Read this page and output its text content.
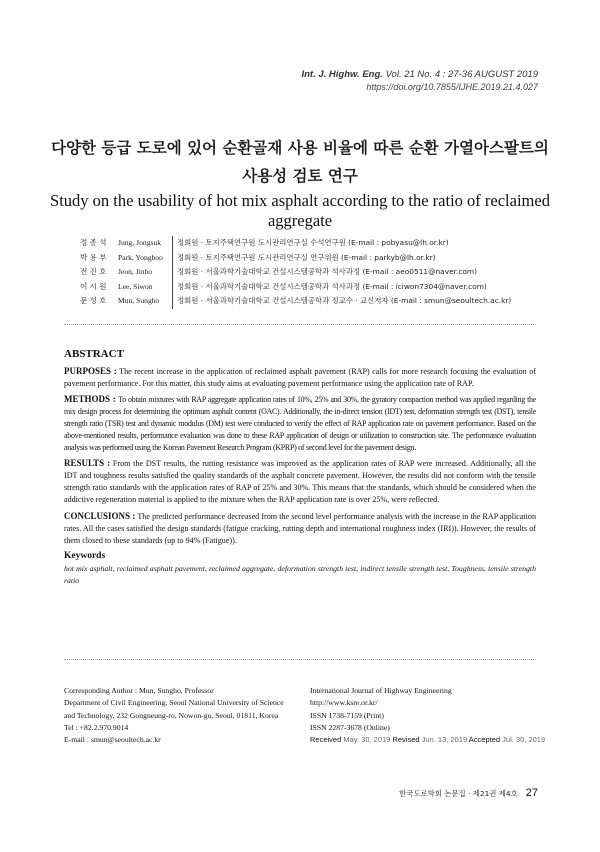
Int. J. Highw. Eng. Vol. 21 No. 4 : 27-36 AUGUST 2019
https://doi.org/10.7855/IJHE.2019.21.4.027
다양한 등급 도로에 있어 순환골재 사용 비율에 따른 순환 가열아스팔트의
사용성 검토 연구
Study on the usability of hot mix asphalt according to the ratio of reclaimed aggregate
정종석	Jung, Jongsuk	정회원 · 토지주택연구원 도시관리연구실 수석연구원 (E-mail : pobyasu@lh.or.kr)
박용부	Park, Yongboo	정회원 · 토지주택연구원 도시관리연구실 연구위원 (E-mail : parkyb@lh.or.kr)
전진호	Jeon, Jinho	정회원 · 서울과학기술대학교 건설시스템공학과 석사과정 (E-mail : aeo0511@naver.com)
이시원	Lee, Siwon	정회원 · 서울과학기술대학교 건설시스템공학과 석사과정 (E-mail : iciwon7304@naver.com)
문성호	Mun, Sungho	정회원 · 서울과학기술대학교 건설시스템공학과 정교수 · 교신저자 (E-mail : smun@seoultech.ac.kr)
ABSTRACT

PURPOSES : The recent increase in the application of reclaimed asphalt pavement (RAP) calls for more research focusing the evaluation of pavement performance. For this matter, this study aims at evaluating pavement performance using the application rate of RAP.

METHODS : To obtain mixtures with RAP aggregate application rates of 10%, 25% and 30%, the gyratory compaction method was applied regarding the mix design process for determining the optimum asphalt content (OAC). Additionally, the in-direct tension (IDT) test, deformation strength test (DST), tensile strength ratio (TSR) test and dynamic modulus (DM) test were conducted to verify the effect of RAP application rate on pavement performance. Based on the above-mentioned results, performance evaluation was done to these RAP application of design or utilization to construction site. The performance evaluation analysis was performed using the Korean Pavement Research Program (KPRP) of second level for the pavement design.

RESULTS : From the DST results, the rutting resistance was improved as the application rates of RAP were increased. Additionally, all the IDT and toughness results satisfied the quality standards of the asphalt concrete pavement. However, the results did not conform with the tensile strength ratio standards with the application rates of RAP of 25% and 30%. This means that the standards, which should be considered when the addictive regeneration material is applied to the mixture when the RAP application rate is over 25%, were reflected.

CONCLUSIONS : The predicted performance decreased from the second level performance analysis with the increase in the RAP application rates. All the cases satisfied the design standards (fatigue cracking, rutting depth and international roughness index (IRI)). However, the results of them closed to these standards (up to 94% (Fatigue)).

Keywords

hot mix asphalt, reclaimed asphalt pavement, reclaimed aggregate, deformation strength test, indirect tensile strength test, Toughness, tensile strength ratio

Corresponding Author : Mun, Sungho, Professor
Department of Civil Engineering, Seoul National University of Science
and Technology, 232 Gongneung-ro, Nowon-gu, Seoul, 01811, Korea
Tel : +82.2.970.9014
E-mail : smun@seoultech.ac.kr
International Journal of Highway Engineering
http://www.ksre.or.kr/
ISSN 1738-7159 (Print)
ISSN 2287-3678 (Online)
Received May. 30, 2019 Revised Jun. 13, 2019 Accepted Jul. 30, 2019
한국도로학회 논문집 · 제21권 제4호 27
